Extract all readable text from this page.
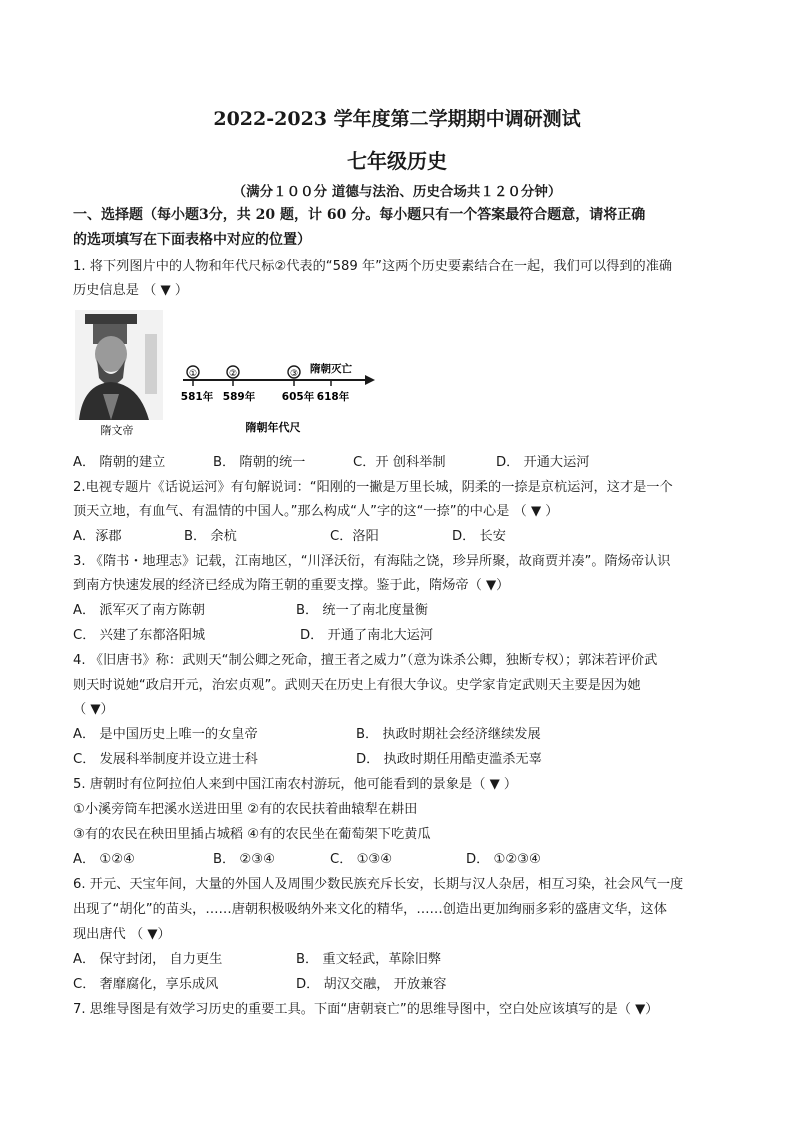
2022-2023 学年度第二学期期中调研测试
七年级历史
（满分１００分 道德与法治、历史合场共１２０分钟）
一、选择题（每小题3分，共 20 题，计 60 分。每小题只有一个答案最符合题意，请将正确
的选项填写在下面表格中对应的位置）
1. 将下列图片中的人物和年代尺标②代表的“589 年”这两个历史要素结合在一起，我们可以得到的准确
历史信息是 （ ▼ ）
隋文帝
①	②	③ 隋朝灭亡
581年 589年	605年 618年
隋朝年代尺
A． 隋朝的建立	B． 隋朝的统一	C．开 创科举制	D． 开通大运河
2.电视专题片《话说运河》有句解说词：“阳刚的一撇是万里长城，阴柔的一捺是京杭运河，这才是一个
顶天立地，有血气、有温情的中国人。”那么构成“人”字的这“一捺”的中心是 （ ▼ ）
A．涿郡	B． 余杭	C．洛阳	D． 长安
3. 《隋书・地理志》记载，江南地区，“川泽沃衍，有海陆之饶，珍异所聚，故商贾并凑”。隋炀帝认识
到南方快速发展的经济已经成为隋王朝的重要支撑。鉴于此，隋炀帝（ ▼）
A． 派军灭了南方陈朝	B． 统一了南北度量衡
C． 兴建了东都洛阳城	D． 开通了南北大运河
4. 《旧唐书》称：武则天“制公卿之死命，擅王者之威力”（意为诛杀公卿，独断专权）；郭沫若评价武
则天时说她“政启开元，治宏贞观”。武则天在历史上有很大争议。史学家肯定武则天主要是因为她
（ ▼）
A． 是中国历史上唯一的女皇帝	B． 执政时期社会经济继续发展
C． 发展科举制度并设立进士科	D． 执政时期任用酷吏滥杀无辜
5. 唐朝时有位阿拉伯人来到中国江南农村游玩，他可能看到的景象是（ ▼ ）
①小溪旁筒车把溪水送进田里 ②有的农民扶着曲辕犁在耕田
③有的农民在秧田里插占城稻 ④有的农民坐在葡萄架下吃黄瓜
A． ①②④	B． ②③④	C． ①③④	D． ①②③④
6. 开元、天宝年间，大量的外国人及周围少数民族充斥长安，长期与汉人杂居，相互习染，社会风气一度
出现了“胡化”的苗头，……唐朝积极吸纳外来文化的精华，……创造出更加绚丽多彩的盛唐文华，这体
现出唐代 （ ▼）
A． 保守封闭， 自力更生	B． 重文轻武，革除旧弊
C． 奢靡腐化，享乐成风	D． 胡汉交融， 开放兼容
7. 思维导图是有效学习历史的重要工具。下面“唐朝衰亡”的思维导图中，空白处应该填写的是（ ▼）
